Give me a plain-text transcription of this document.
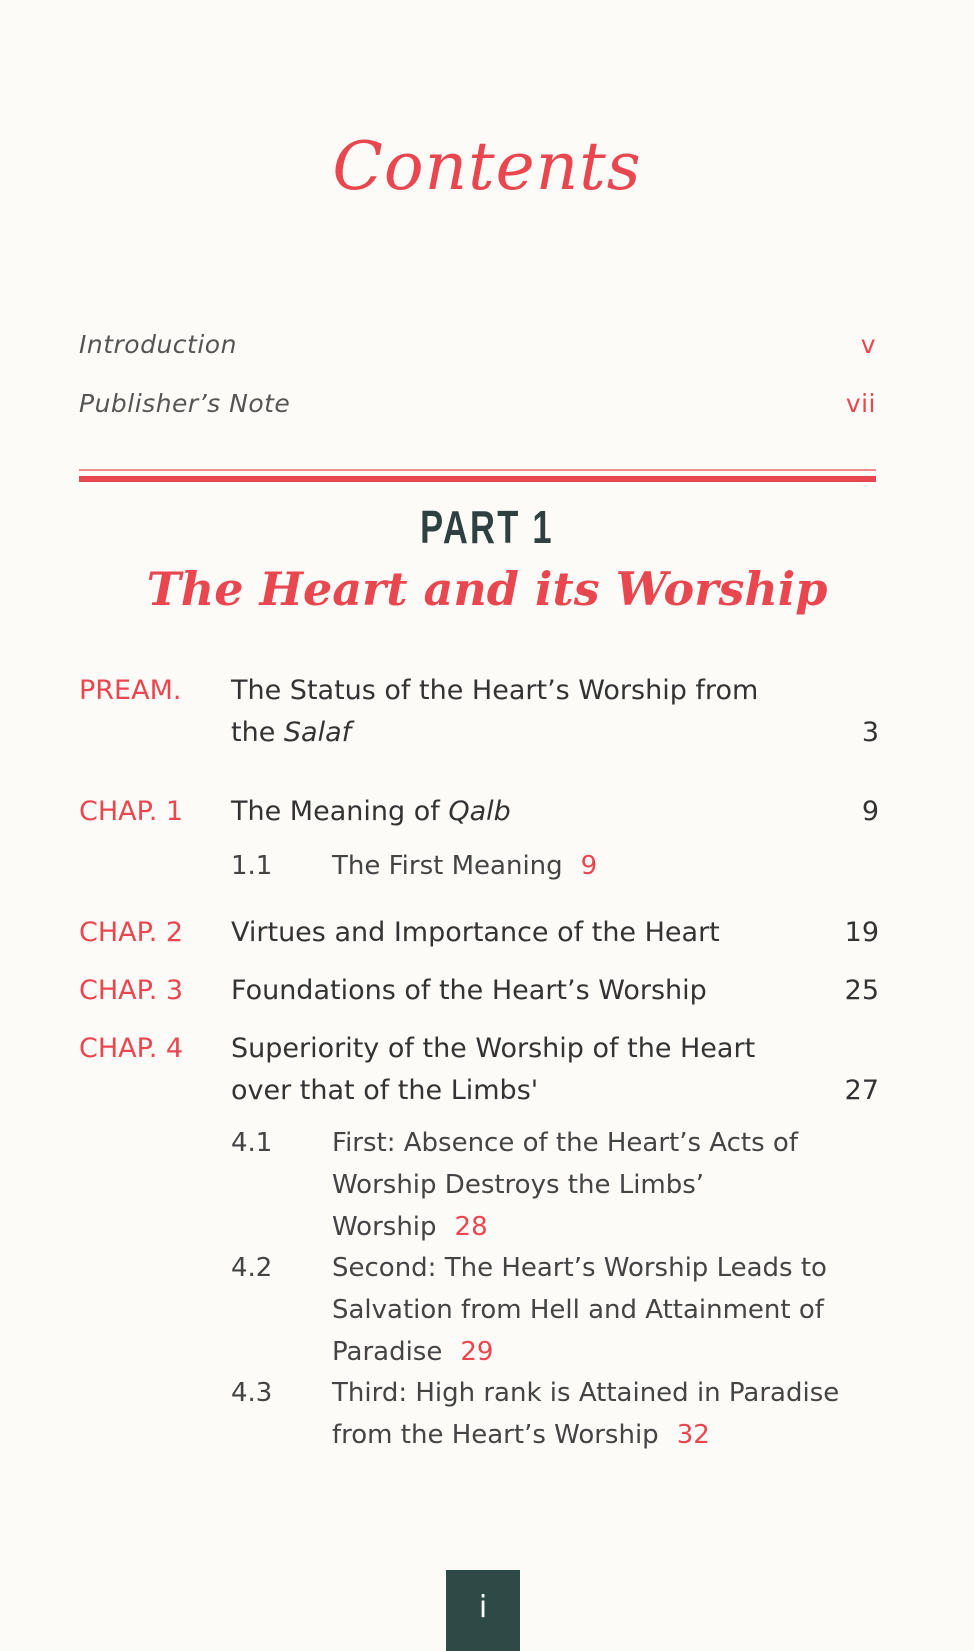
Contents
Introduction	v
Publisher’s Note	vii
PART 1
The Heart and its Worship
PREAM. The Status of the Heart’s Worship from
the Salaf	3
CHAP. 1 The Meaning of Qalb	9
1.1 The First Meaning 9
CHAP. 2 Virtues and Importance of the Heart	19
CHAP. 3 Foundations of the Heart’s Worship	25
CHAP. 4 Superiority of the Worship of the Heart
over that of the Limbs'	27
4.1 First: Absence of the Heart’s Acts of Worship Destroys the Limbs’ Worship 28
4.2 Second: The Heart’s Worship Leads to Salvation from Hell and Attainment of Paradise 29
4.3 Third: High rank is Attained in Paradise from the Heart’s Worship 32
i
